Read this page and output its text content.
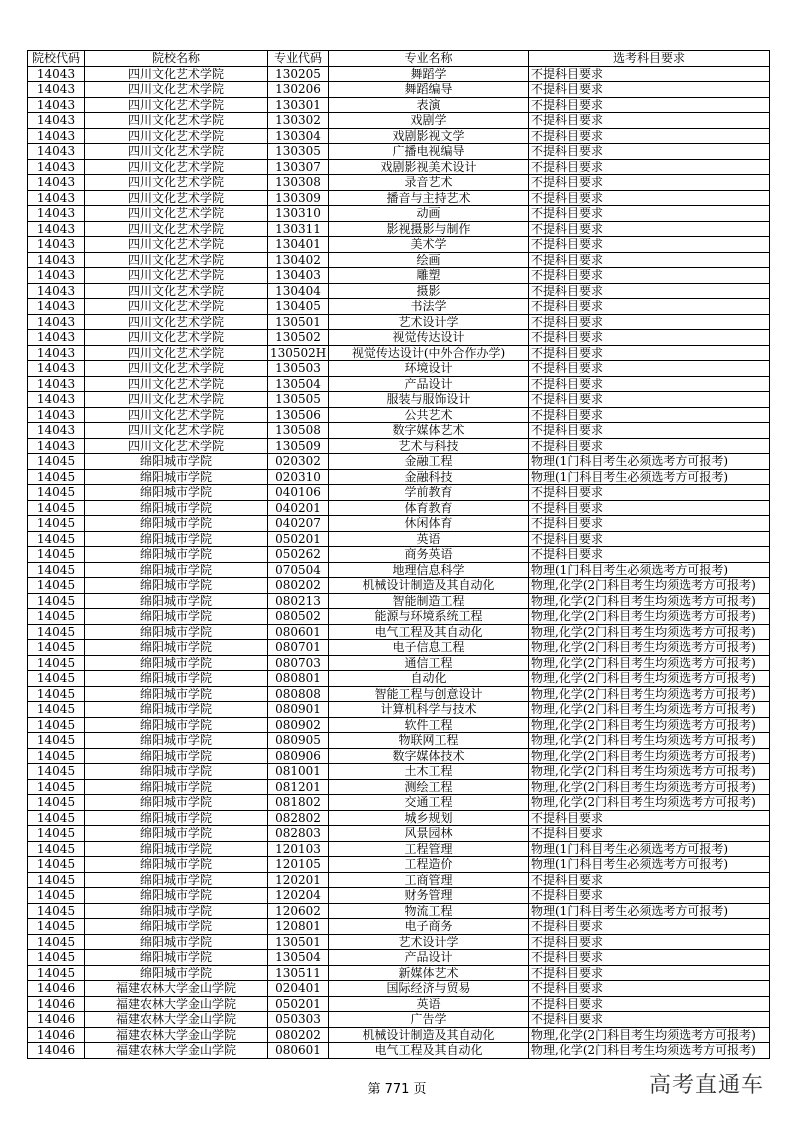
院校代码	院校名称	专业代码	专业名称	选考科目要求
14043	四川文化艺术学院	130205	舞蹈学	不提科目要求
14043	四川文化艺术学院	130206	舞蹈编导	不提科目要求
14043	四川文化艺术学院	130301	表演	不提科目要求
14043	四川文化艺术学院	130302	戏剧学	不提科目要求
14043	四川文化艺术学院	130304	戏剧影视文学	不提科目要求
14043	四川文化艺术学院	130305	广播电视编导	不提科目要求
14043	四川文化艺术学院	130307	戏剧影视美术设计	不提科目要求
14043	四川文化艺术学院	130308	录音艺术	不提科目要求
14043	四川文化艺术学院	130309	播音与主持艺术	不提科目要求
14043	四川文化艺术学院	130310	动画	不提科目要求
14043	四川文化艺术学院	130311	影视摄影与制作	不提科目要求
14043	四川文化艺术学院	130401	美术学	不提科目要求
14043	四川文化艺术学院	130402	绘画	不提科目要求
14043	四川文化艺术学院	130403	雕塑	不提科目要求
14043	四川文化艺术学院	130404	摄影	不提科目要求
14043	四川文化艺术学院	130405	书法学	不提科目要求
14043	四川文化艺术学院	130501	艺术设计学	不提科目要求
14043	四川文化艺术学院	130502	视觉传达设计	不提科目要求
14043	四川文化艺术学院	130502H	视觉传达设计(中外合作办学)	不提科目要求
14043	四川文化艺术学院	130503	环境设计	不提科目要求
14043	四川文化艺术学院	130504	产品设计	不提科目要求
14043	四川文化艺术学院	130505	服装与服饰设计	不提科目要求
14043	四川文化艺术学院	130506	公共艺术	不提科目要求
14043	四川文化艺术学院	130508	数字媒体艺术	不提科目要求
14043	四川文化艺术学院	130509	艺术与科技	不提科目要求
14045	绵阳城市学院	020302	金融工程	物理(1门科目考生必须选考方可报考)
14045	绵阳城市学院	020310	金融科技	物理(1门科目考生必须选考方可报考)
14045	绵阳城市学院	040106	学前教育	不提科目要求
14045	绵阳城市学院	040201	体育教育	不提科目要求
14045	绵阳城市学院	040207	休闲体育	不提科目要求
14045	绵阳城市学院	050201	英语	不提科目要求
14045	绵阳城市学院	050262	商务英语	不提科目要求
14045	绵阳城市学院	070504	地理信息科学	物理(1门科目考生必须选考方可报考)
14045	绵阳城市学院	080202	机械设计制造及其自动化	物理,化学(2门科目考生均须选考方可报考)
14045	绵阳城市学院	080213	智能制造工程	物理,化学(2门科目考生均须选考方可报考)
14045	绵阳城市学院	080502	能源与环境系统工程	物理,化学(2门科目考生均须选考方可报考)
14045	绵阳城市学院	080601	电气工程及其自动化	物理,化学(2门科目考生均须选考方可报考)
14045	绵阳城市学院	080701	电子信息工程	物理,化学(2门科目考生均须选考方可报考)
14045	绵阳城市学院	080703	通信工程	物理,化学(2门科目考生均须选考方可报考)
14045	绵阳城市学院	080801	自动化	物理,化学(2门科目考生均须选考方可报考)
14045	绵阳城市学院	080808	智能工程与创意设计	物理,化学(2门科目考生均须选考方可报考)
14045	绵阳城市学院	080901	计算机科学与技术	物理,化学(2门科目考生均须选考方可报考)
14045	绵阳城市学院	080902	软件工程	物理,化学(2门科目考生均须选考方可报考)
14045	绵阳城市学院	080905	物联网工程	物理,化学(2门科目考生均须选考方可报考)
14045	绵阳城市学院	080906	数字媒体技术	物理,化学(2门科目考生均须选考方可报考)
14045	绵阳城市学院	081001	土木工程	物理,化学(2门科目考生均须选考方可报考)
14045	绵阳城市学院	081201	测绘工程	物理,化学(2门科目考生均须选考方可报考)
14045	绵阳城市学院	081802	交通工程	物理,化学(2门科目考生均须选考方可报考)
14045	绵阳城市学院	082802	城乡规划	不提科目要求
14045	绵阳城市学院	082803	风景园林	不提科目要求
14045	绵阳城市学院	120103	工程管理	物理(1门科目考生必须选考方可报考)
14045	绵阳城市学院	120105	工程造价	物理(1门科目考生必须选考方可报考)
14045	绵阳城市学院	120201	工商管理	不提科目要求
14045	绵阳城市学院	120204	财务管理	不提科目要求
14045	绵阳城市学院	120602	物流工程	物理(1门科目考生必须选考方可报考)
14045	绵阳城市学院	120801	电子商务	不提科目要求
14045	绵阳城市学院	130501	艺术设计学	不提科目要求
14045	绵阳城市学院	130504	产品设计	不提科目要求
14045	绵阳城市学院	130511	新媒体艺术	不提科目要求
14046	福建农林大学金山学院	020401	国际经济与贸易	不提科目要求
14046	福建农林大学金山学院	050201	英语	不提科目要求
14046	福建农林大学金山学院	050303	广告学	不提科目要求
14046	福建农林大学金山学院	080202	机械设计制造及其自动化	物理,化学(2门科目考生均须选考方可报考)
14046	福建农林大学金山学院	080601	电气工程及其自动化	物理,化学(2门科目考生均须选考方可报考)
第 771 页	高考直通车
